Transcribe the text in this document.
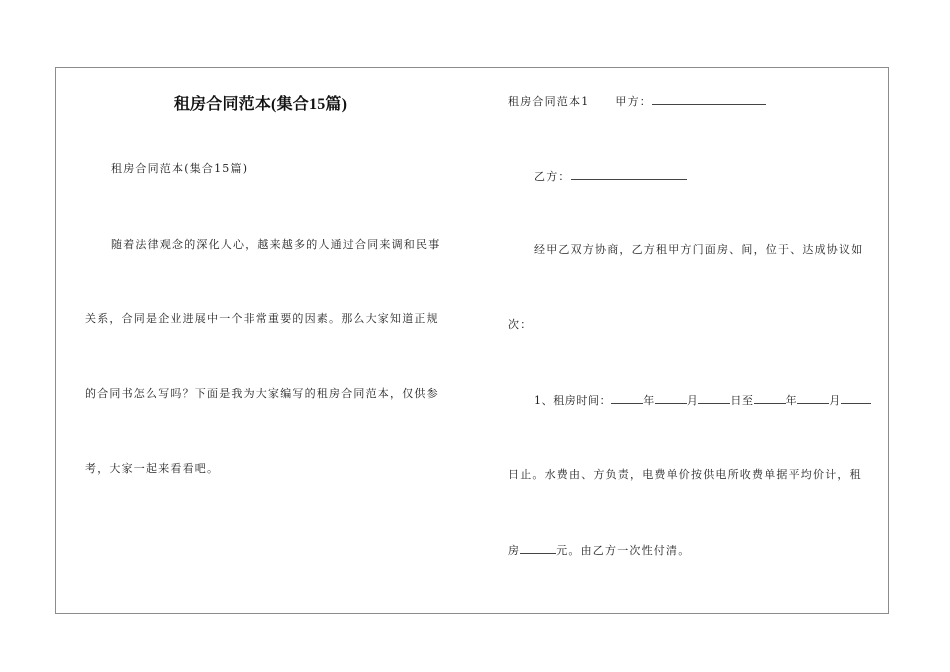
租房合同范本(集合15篇)
租房合同范本(集合15篇)
随着法律观念的深化人心，越来越多的人通过合同来调和民事
关系，合同是企业进展中一个非常重要的因素。那么大家知道正规
的合同书怎么写吗？下面是我为大家编写的租房合同范本，仅供参
考，大家一起来看看吧。
租房合同范本1 甲方：
乙方：
经甲乙双方协商，乙方租甲方门面房、间，位于、达成协议如
次：
1、租房时间：	年	月	日至	年	月
日止。水费由、方负责，电费单价按供电所收费单据平均价计，租
房	元。由乙方一次性付清。
